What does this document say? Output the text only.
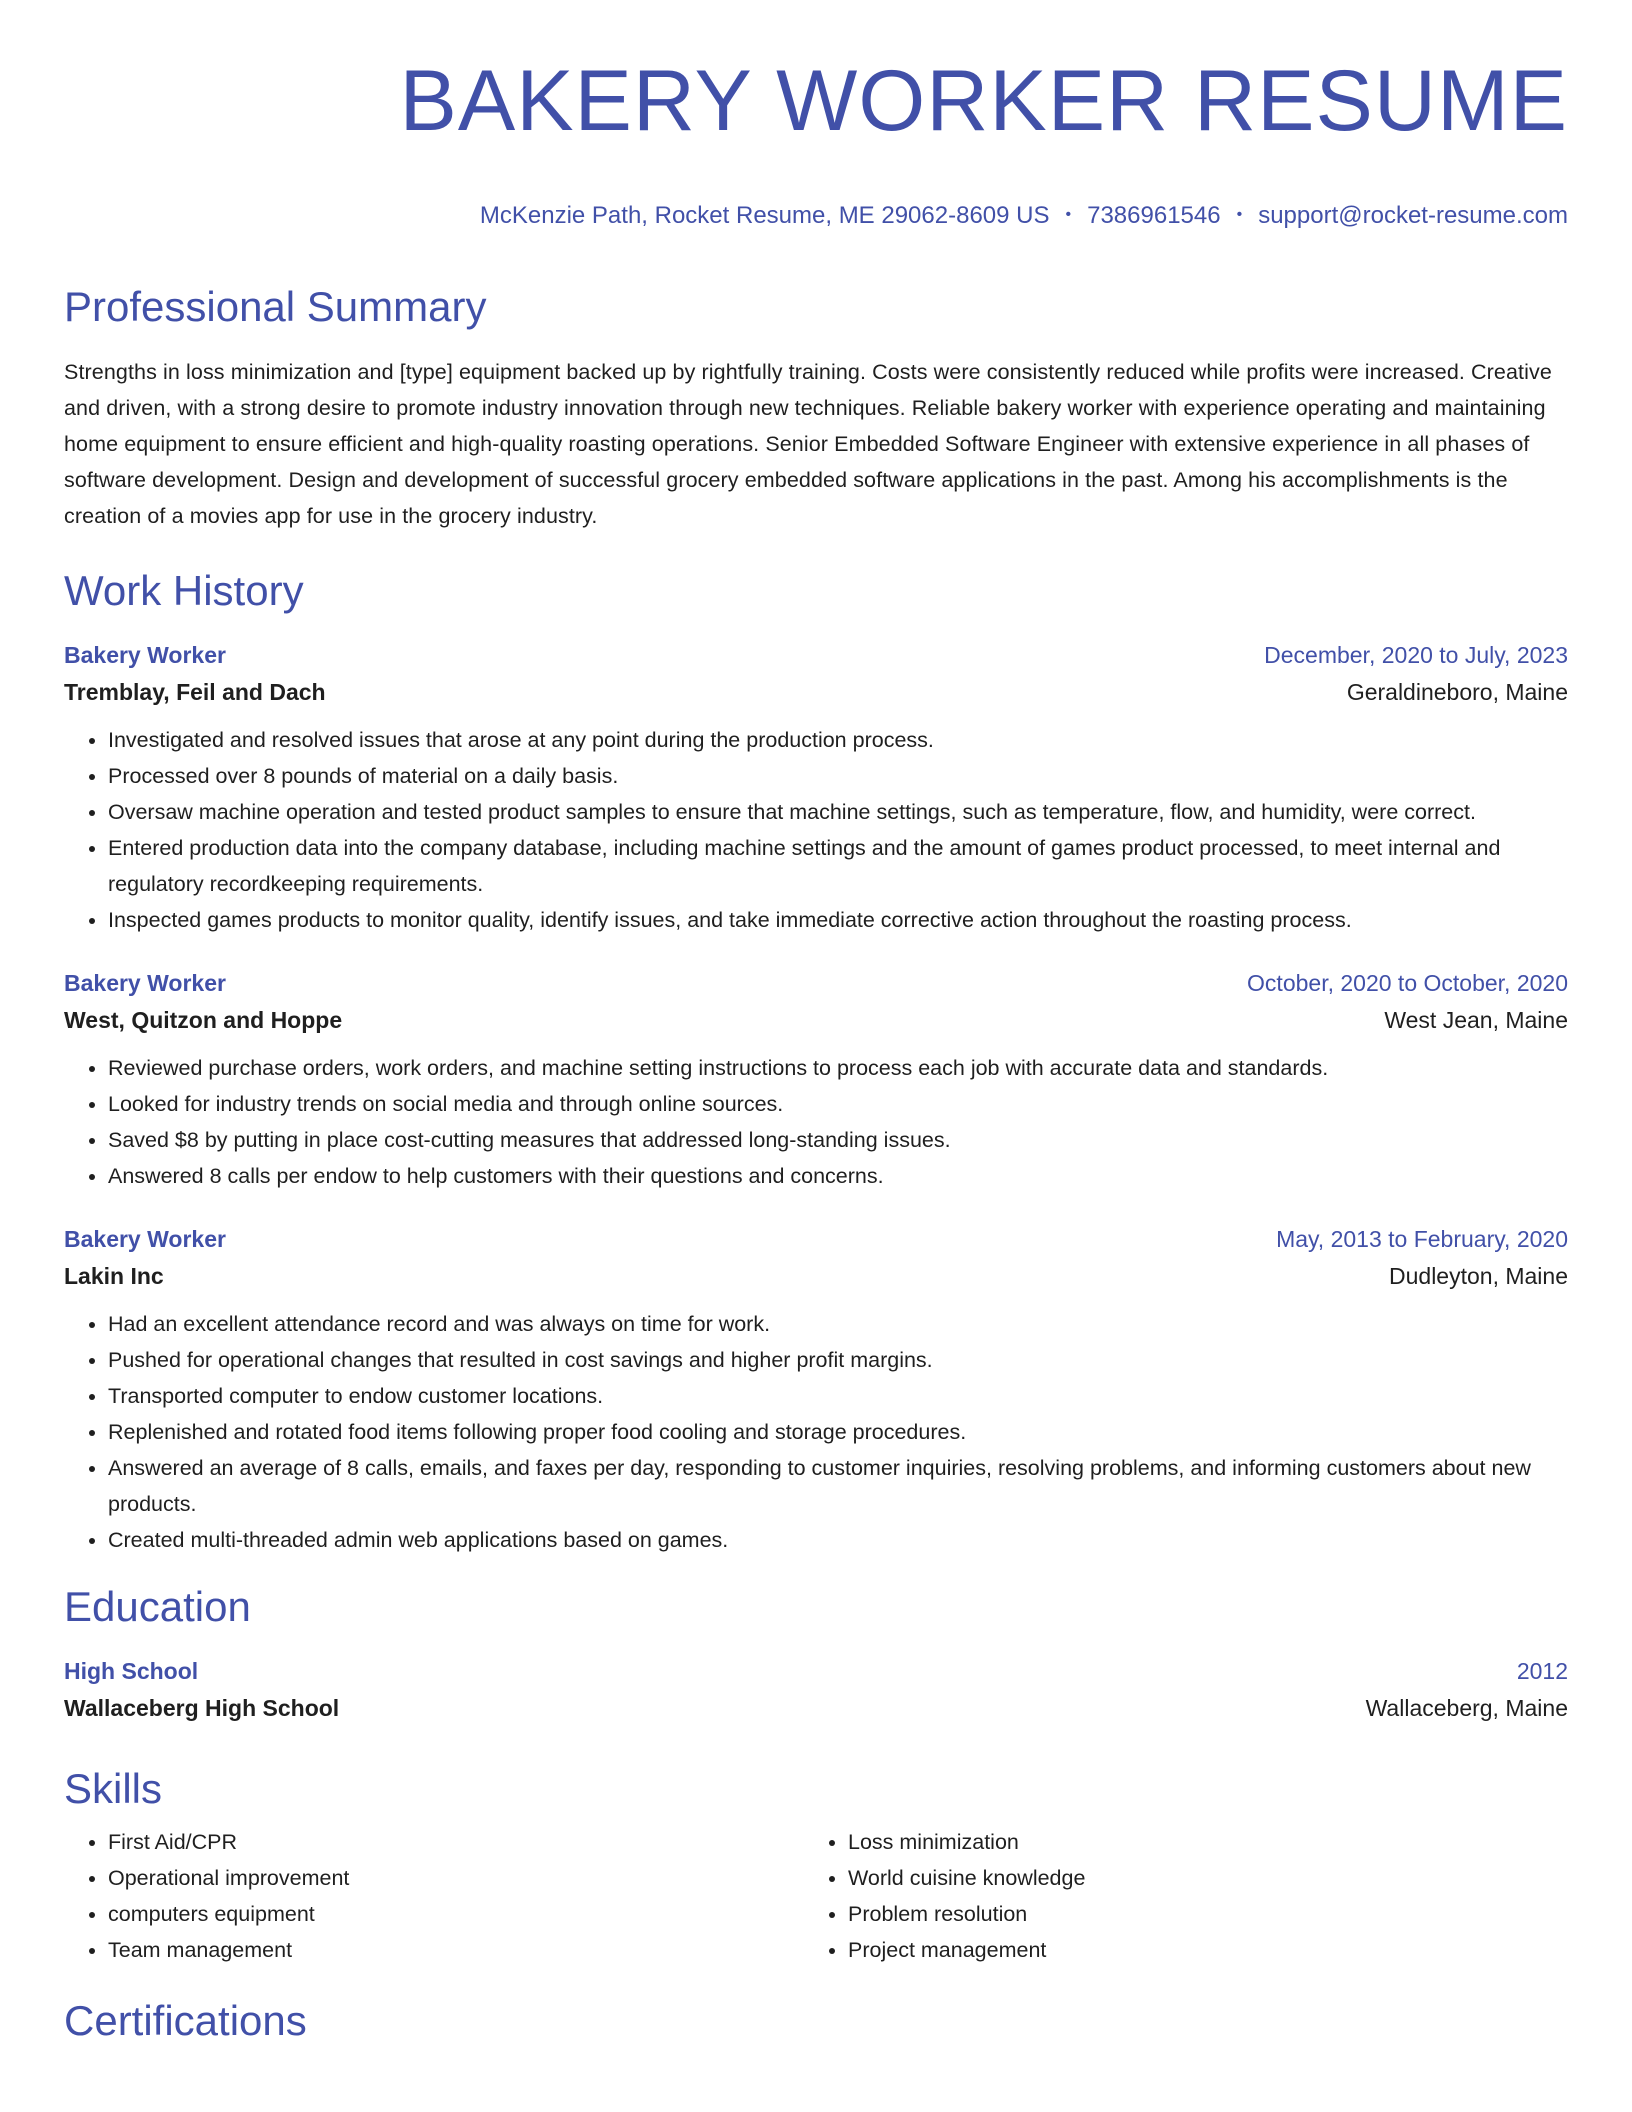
BAKERY WORKER RESUME
McKenzie Path, Rocket Resume, ME 29062-8609 US • 7386961546 • support@rocket-resume.com
Professional Summary

Strengths in loss minimization and [type] equipment backed up by rightfully training. Costs were consistently reduced while profits were increased. Creative and driven, with a strong desire to promote industry innovation through new techniques. Reliable bakery worker with experience operating and maintaining home equipment to ensure efficient and high-quality roasting operations. Senior Embedded Software Engineer with extensive experience in all phases of software development. Design and development of successful grocery embedded software applications in the past. Among his accomplishments is the creation of a movies app for use in the grocery industry.

Work History
Bakery Worker	December, 2020 to July, 2023
Tremblay, Feil and Dach	Geraldineboro, Maine
• Investigated and resolved issues that arose at any point during the production process.
• Processed over 8 pounds of material on a daily basis.
• Oversaw machine operation and tested product samples to ensure that machine settings, such as temperature, flow, and humidity, were correct.
• Entered production data into the company database, including machine settings and the amount of games product processed, to meet internal and regulatory recordkeeping requirements.
• Inspected games products to monitor quality, identify issues, and take immediate corrective action throughout the roasting process.
Bakery Worker	October, 2020 to October, 2020
West, Quitzon and Hoppe	West Jean, Maine
• Reviewed purchase orders, work orders, and machine setting instructions to process each job with accurate data and standards.
• Looked for industry trends on social media and through online sources.
• Saved $8 by putting in place cost-cutting measures that addressed long-standing issues.
• Answered 8 calls per endow to help customers with their questions and concerns.
Bakery Worker	May, 2013 to February, 2020
Lakin Inc	Dudleyton, Maine
• Had an excellent attendance record and was always on time for work.
• Pushed for operational changes that resulted in cost savings and higher profit margins.
• Transported computer to endow customer locations.
• Replenished and rotated food items following proper food cooling and storage procedures.
• Answered an average of 8 calls, emails, and faxes per day, responding to customer inquiries, resolving problems, and informing customers about new products.
• Created multi-threaded admin web applications based on games.
Education
High School	2012
Wallaceberg High School	Wallaceberg, Maine
Skills
• First Aid/CPR
• Operational improvement
• computers equipment
• Team management
• Loss minimization
• World cuisine knowledge
• Problem resolution
• Project management
Certifications
